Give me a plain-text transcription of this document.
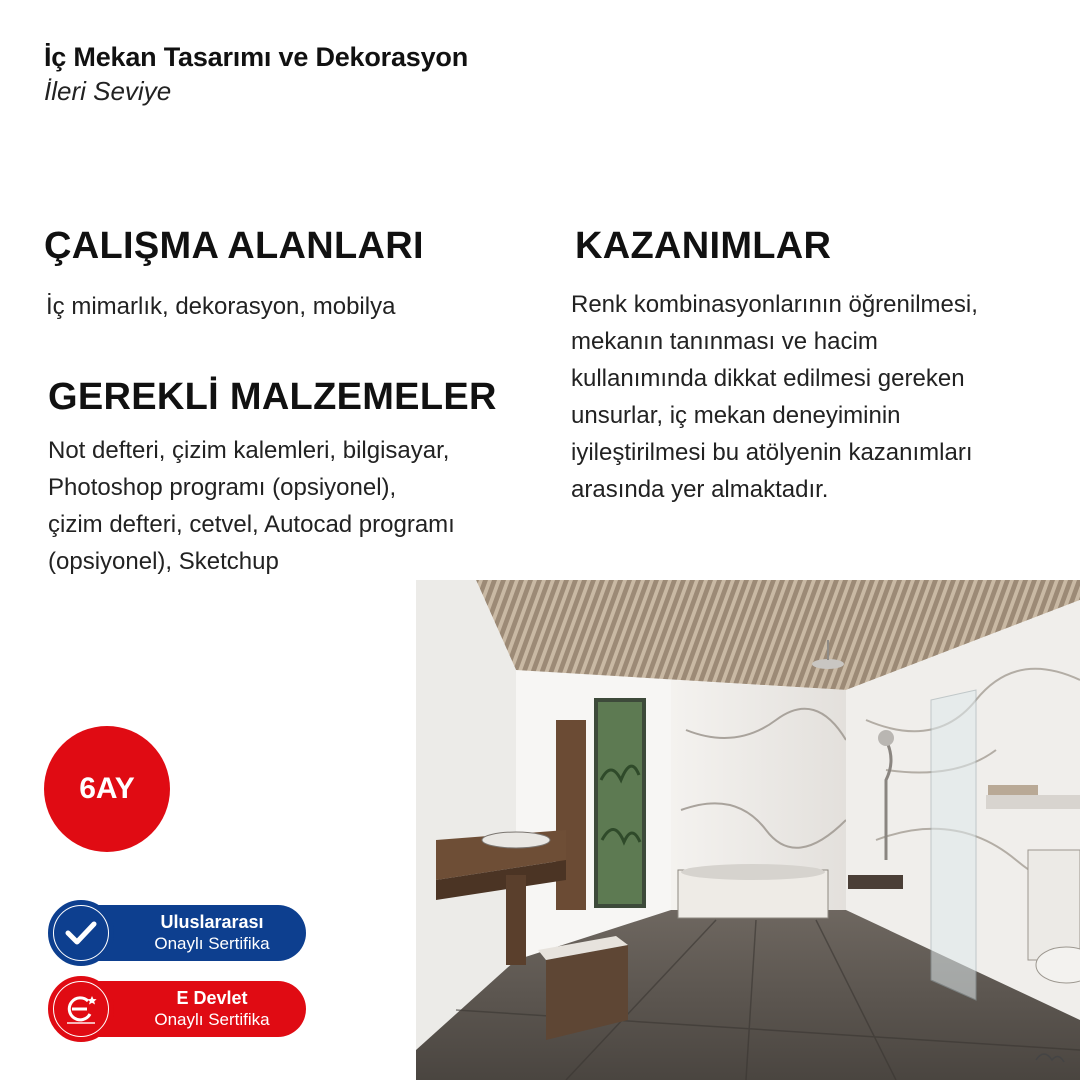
İç Mekan Tasarımı ve Dekorasyon
İleri Seviye
ÇALIŞMA ALANLARI
İç mimarlık, dekorasyon, mobilya
GEREKLİ MALZEMELER
Not defteri, çizim kalemleri, bilgisayar,
Photoshop programı (opsiyonel),
çizim defteri, cetvel, Autocad programı
(opsiyonel), Sketchup
KAZANIMLAR
Renk kombinasyonlarının öğrenilmesi,
mekanın tanınması ve hacim
kullanımında dikkat edilmesi gereken
unsurlar, iç mekan deneyiminin
iyileştirilmesi bu atölyenin kazanımları
arasında yer almaktadır.
6AY
Uluslararası
Onaylı Sertifika
E Devlet
Onaylı Sertifika
